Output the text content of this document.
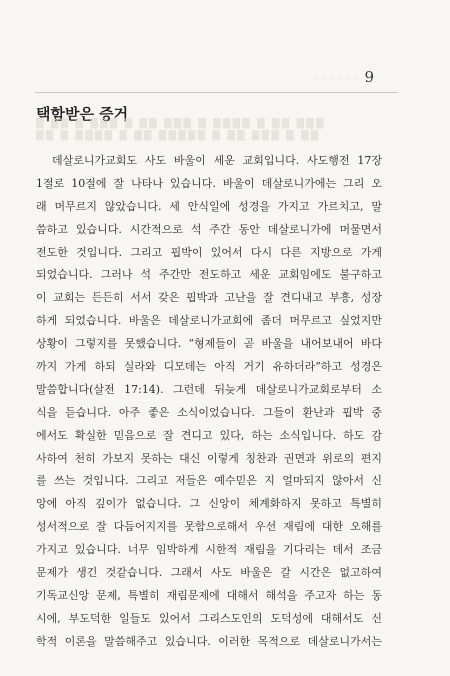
· · · · · · 9
택함받은 증거
▒ ▒▒ ▒ ▒▒▒ ▒ ▒▒ ▒▒▒ ▒ ▒▒▒▒ ▒ ▒▒ ▒▒▒
▒▒ ▒ ▒▒▒▒ ▒ ▒▒ ▒▒▒▒▒ ▒ ▒▒ ▒▒▒ ▒ ▒▒
데살로니가교회도 사도 바울이 세운 교회입니다. 사도행전 17장
1절로 10절에 잘 나타나 있습니다. 바울이 데살로니가에는 그리 오
래 머무르지 않았습니다. 세 안식일에 성경을 가지고 가르치고, 말
씀하고 있습니다. 시간적으로 석 주간 동안 데살로니가에 머물면서
전도한 것입니다. 그리고 핍박이 있어서 다시 다른 지방으로 가게
되었습니다. 그러나 석 주간만 전도하고 세운 교회임에도 불구하고
이 교회는 든든히 서서 갖은 핍박과 고난을 잘 견디내고 부흥, 성장
하게 되었습니다. 바울은 데살로니가교회에 좀더 머무르고 싶었지만
상황이 그렇지를 못했습니다. “형제들이 곧 바울을 내어보내어 바다
까지 가게 하되 실라와 디모데는 아직 거기 유하더라”하고 성경은
말씀합니다(살전 17:14). 그런데 뒤늦게 데살로니가교회로부터 소
식을 듣습니다. 아주 좋은 소식이었습니다. 그들이 환난과 핍박 중
에서도 확실한 믿음으로 잘 견디고 있다, 하는 소식입니다. 하도 감
사하여 천히 가보지 못하는 대신 이렇게 칭찬과 권면과 위로의 편지
를 쓰는 것입니다. 그리고 저들은 예수믿은 지 얼마되지 않아서 신
앙에 아직 깊이가 없습니다. 그 신앙이 체계화하지 못하고 특별히
성서적으로 잘 다듬어지지를 못함으로해서 우선 재림에 대한 오해를
가지고 있습니다. 너무 임박하게 시한적 재림을 기다리는 데서 조금
문제가 생긴 것같습니다. 그래서 사도 바울은 갈 시간은 없고하여
기독교신앙 문제, 특별히 재림문제에 대해서 해석을 주고자 하는 동
시에, 부도덕한 일들도 있어서 그리스도인의 도덕성에 대해서도 신
학적 이론을 말씀해주고 있습니다. 이러한 목적으로 데살로니가서는
